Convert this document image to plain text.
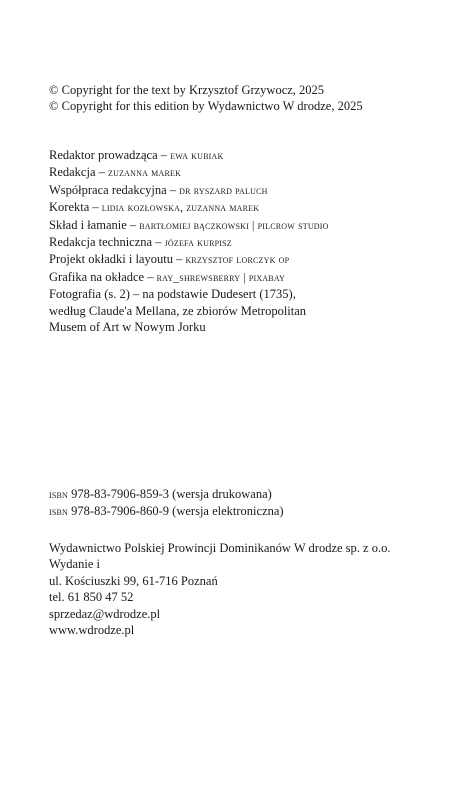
© Copyright for the text by Krzysztof Grzywocz, 2025
© Copyright for this edition by Wydawnictwo W drodze, 2025
Redaktor prowadząca – ewa kubiak
Redakcja – zuzanna marek
Współpraca redakcyjna – dr ryszard paluch
Korekta – lidia kozłowska, zuzanna marek
Skład i łamanie – bartłomiej bączkowski | pilcrow studio
Redakcja techniczna – józefa kurpisz
Projekt okładki i layoutu – krzysztof lorczyk op
Grafika na okładce – ray_shrewsberry | pixabay
Fotografia (s. 2) – na podstawie Dudesert (1735),
według Claude'a Mellana, ze zbiorów Metropolitan
Musem of Art w Nowym Jorku
isbn 978-83-7906-859-3 (wersja drukowana)
isbn 978-83-7906-860-9 (wersja elektroniczna)
Wydawnictwo Polskiej Prowincji Dominikanów W drodze sp. z o.o.
Wydanie i
ul. Kościuszki 99, 61-716 Poznań
tel. 61 850 47 52
sprzedaz@wdrodze.pl
www.wdrodze.pl
